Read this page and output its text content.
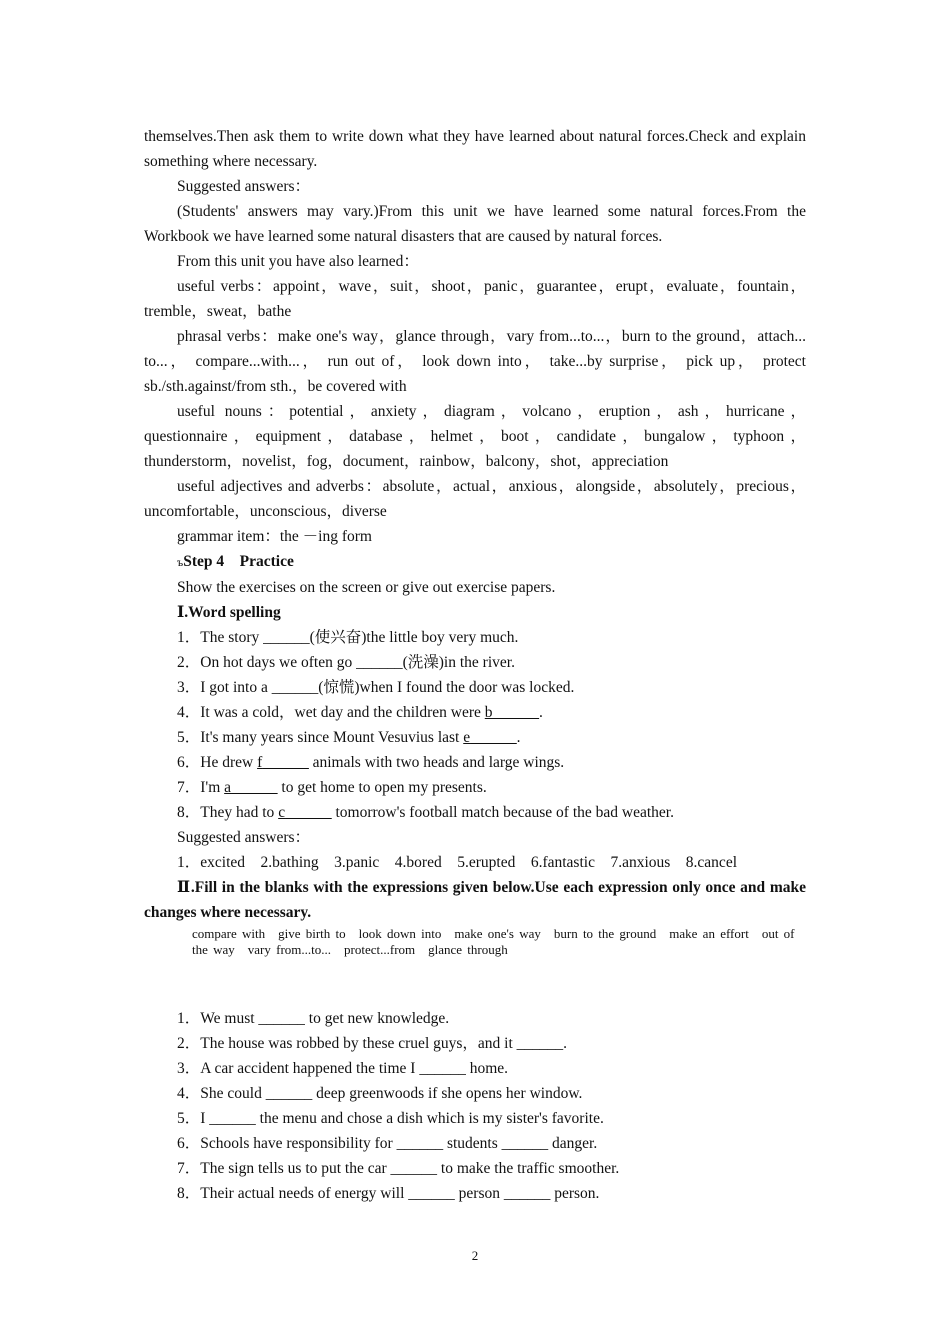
themselves.Then ask them to write down what they have learned about natural forces.Check and explain something where necessary.

Suggested answers：

(Students' answers may vary.)From this unit we have learned some natural forces.From the Workbook we have learned some natural disasters that are caused by natural forces.

From this unit you have also learned：

useful verbs：appoint，wave，suit，shoot，panic，guarantee，erupt，evaluate，fountain，tremble，sweat，bathe

phrasal verbs：make one's way，glance through，vary from...to...，burn to the ground，attach... to...， compare...with...， run out of， look down into， take...by surprise， pick up， protect sb./sth.against/from sth.，be covered with

useful nouns：potential，anxiety，diagram，volcano，eruption，ash，hurricane，questionnaire，equipment，database，helmet，boot，candidate，bungalow，typhoon，thunderstorm，novelist，fog，document，rainbow，balcony，shot，appreciation

useful adjectives and adverbs：absolute，actual，anxious，alongside，absolutely，precious，uncomfortable，unconscious，diverse

grammar item：the －ing form

ъStep 4　Practice

Show the exercises on the screen or give out exercise papers.

Ⅰ.Word spelling

1．The story ______(使兴奋)the little boy very much.

2．On hot days we often go ______(洗澡)in the river.

3．I got into a ______(惊慌)when I found the door was locked.

4．It was a cold，wet day and the children were b______.

5．It's many years since Mount Vesuvius last e______.

6．He drew f______ animals with two heads and large wings.

7．I'm a______ to get home to open my presents.

8．They had to c______ tomorrow's football match because of the bad weather.

Suggested answers：

1．excited　2.bathing　3.panic　4.bored　5.erupted　6.fantastic　7.anxious　8.cancel

Ⅱ.Fill in the blanks with the expressions given below.Use each expression only once and make changes where necessary.

compare with　give birth to　look down into　make one's way　burn to the ground　make an effort　out of the way　vary from...to...　protect...from　glance through

1．We must ______ to get new knowledge.

2．The house was robbed by these cruel guys，and it ______.

3．A car accident happened the time I ______ home.

4．She could ______ deep greenwoods if she opens her window.

5．I ______ the menu and chose a dish which is my sister's favorite.

6．Schools have responsibility for ______ students ______ danger.

7．The sign tells us to put the car ______ to make the traffic smoother.

8．Their actual needs of energy will ______ person ______ person.

2
